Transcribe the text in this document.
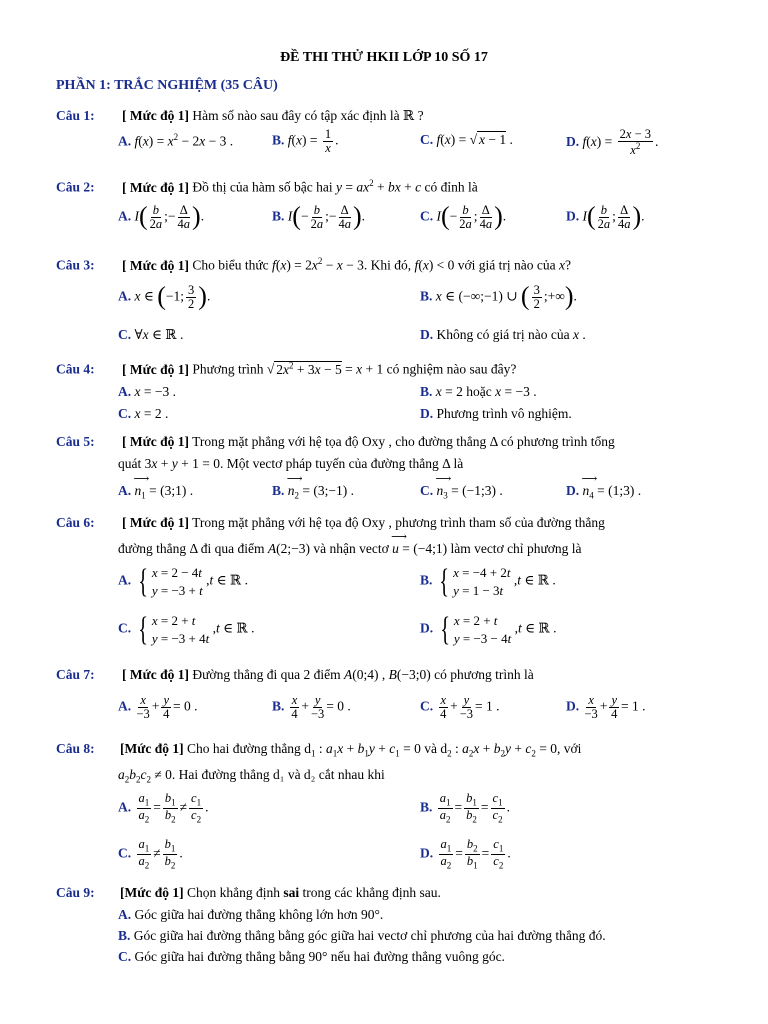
ĐỀ THI THỬ HKII LỚP 10 SỐ 17
PHẦN 1: TRẮC NGHIỆM (35 CÂU)
Câu 1: [ Mức độ 1] Hàm số nào sau đây có tập xác định là ℝ ?
A. $f(x) = x^2 - 2x - 3$ .	B. $f(x) = \frac{1}{x}$ .	C. f(x) = √ x − 1 .	D. $f(x) = \frac{2x - 3}{x^2}$ .
Câu 2: [ Mức độ 1] Đồ thị của hàm số bậc hai $y = ax^2$ + bx + c có đỉnh là
A. $I( \frac{b}{2a}$ ;− $\frac{\Delta}{4a}$ ).	B. $I(- \frac{b}{2a}$ ;− $\frac{\Delta}{4a}$ ).	C. $I(- \frac{b}{2a}$ ; $\frac{\Delta}{4a}$ ).	D. $I( \frac{b}{2a}$ ; $\frac{\Delta}{4a}$ ).
Câu 3: [ Mức độ 1] Cho biểu thức $f(x) = 2x^2 - x - 3$. Khi đó, f(x) < 0 với giá trị nào của x?
A. x ∈ (−1; $\frac{3}{2}$ ).	B. x ∈ (−∞;−1) ∪ ( $\frac{3}{2}$ ;+∞).
C. ∀x ∈ ℝ .	D. Không có giá trị nào của x .
Câu 4: [ Mức độ 1] Phương trình √ $2x^2 + 3x - 5 = x + 1$ có nghiệm nào sau đây?
A. x = −3 .	B. x = 2 hoặc x = −3 .
C. x = 2 .	D. Phương trình vô nghiệm.
Câu 5: [ Mức độ 1] Trong mặt phẳng với hệ tọa độ Oxy , cho đường thẳng Δ có phương trình tổng
quát 3x + y + 1 = 0. Một vectơ pháp tuyến của đường thẳng Δ là
A. ⟶ $n_1$ = (3;1) .	B. ⟶ $n_2$ = (3;−1) .	C. ⟶ $n_3$ = (−1;3) .	D. ⟶ $n_4$ = (1;3) .
Câu 6: [ Mức độ 1] Trong mặt phẳng với hệ tọa độ Oxy , phương trình tham số của đường thẳng
đường thẳng Δ đi qua điểm A(2;−3) và nhận vectơ ⟶ u = (−4;1) làm vectơ chỉ phương là
A. { x = 2 − 4t
y = −3 + t
,t ∈ ℝ .	B. { x = −4 + 2t
y = 1 − 3t
,t ∈ ℝ .
C. { x = 2 + t
y = −3 + 4t
,t ∈ ℝ .	D. { x = 2 + t
y = −3 − 4t
,t ∈ ℝ .
Câu 7: [ Mức độ 1] Đường thẳng đi qua 2 điểm A(0;4) , B(−3;0) có phương trình là
A. $\frac{x}{-3} + \frac{y}{4} = 0$ .	B. $\frac{x}{4} + \frac{y}{-3} = 0$ .	C. $\frac{x}{4} + \frac{y}{-3} = 1$ .	D. $\frac{x}{-3} + \frac{y}{4} = 1$ .
Câu 8: [Mức độ 1] Cho hai đường thẳng $d_1$ : $a_1x + b_1y + c_1 = 0$ và $d_2$ : $a_2x + b_2y + c_2 = 0$, với
$a_2b_2c_2 \ne 0$. Hai đường thẳng d₁ và d₂ cắt nhau khi
A. $\frac{a_1}{a_2} = \frac{b_1}{b_2} \ne \frac{c_1}{c_2}$ .	B. $\frac{a_1}{a_2} = \frac{b_1}{b_2} = \frac{c_1}{c_2}$ .
C. $\frac{a_1}{a_2} \ne \frac{b_1}{b_2}$ .	D. $\frac{a_1}{a_2} = \frac{b_2}{b_1} = \frac{c_1}{c_2}$ .
Câu 9: [Mức độ 1] Chọn khẳng định sai trong các khẳng định sau.
A. Góc giữa hai đường thẳng không lớn hơn 90°.
B. Góc giữa hai đường thẳng bằng góc giữa hai vectơ chỉ phương của hai đường thẳng đó.
C. Góc giữa hai đường thẳng bằng 90° nếu hai đường thẳng vuông góc.
